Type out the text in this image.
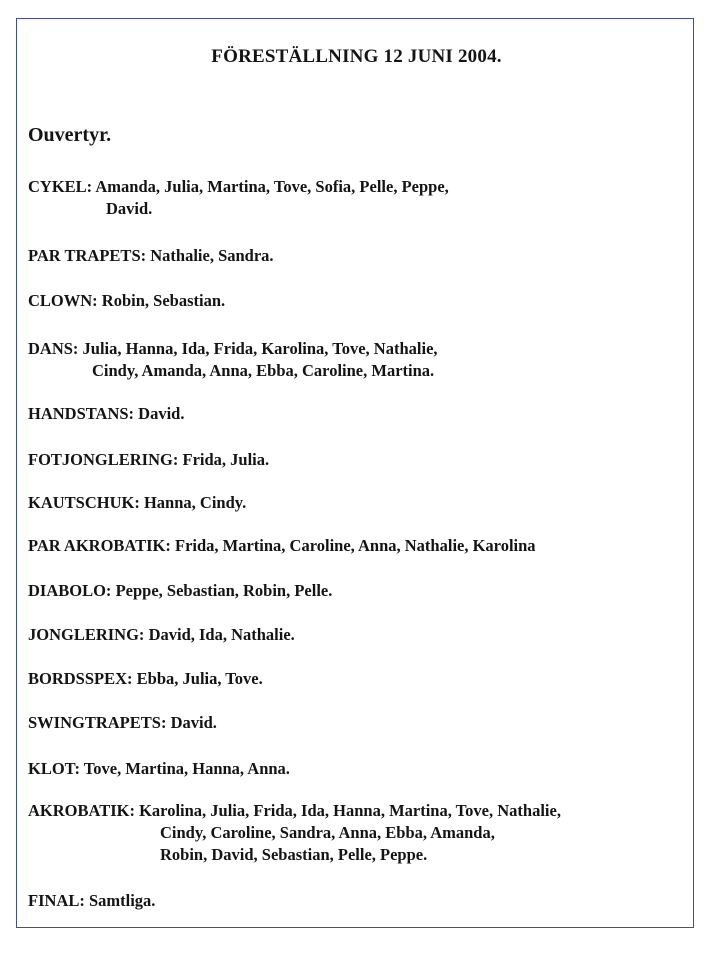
FÖRESTÄLLNING 12 JUNI 2004.
Ouvertyr.
CYKEL: Amanda, Julia, Martina, Tove, Sofia, Pelle, Peppe,
David.
PAR TRAPETS: Nathalie, Sandra.
CLOWN: Robin, Sebastian.
DANS: Julia, Hanna, Ida, Frida, Karolina, Tove, Nathalie,
Cindy, Amanda, Anna, Ebba, Caroline, Martina.
HANDSTANS: David.
FOTJONGLERING: Frida, Julia.
KAUTSCHUK: Hanna, Cindy.
PAR AKROBATIK: Frida, Martina, Caroline, Anna, Nathalie, Karolina
DIABOLO: Peppe, Sebastian, Robin, Pelle.
JONGLERING: David, Ida, Nathalie.
BORDSSPEX: Ebba, Julia, Tove.
SWINGTRAPETS: David.
KLOT: Tove, Martina, Hanna, Anna.
AKROBATIK: Karolina, Julia, Frida, Ida, Hanna, Martina, Tove, Nathalie,
Cindy, Caroline, Sandra, Anna, Ebba, Amanda,
Robin, David, Sebastian, Pelle, Peppe.
FINAL: Samtliga.
